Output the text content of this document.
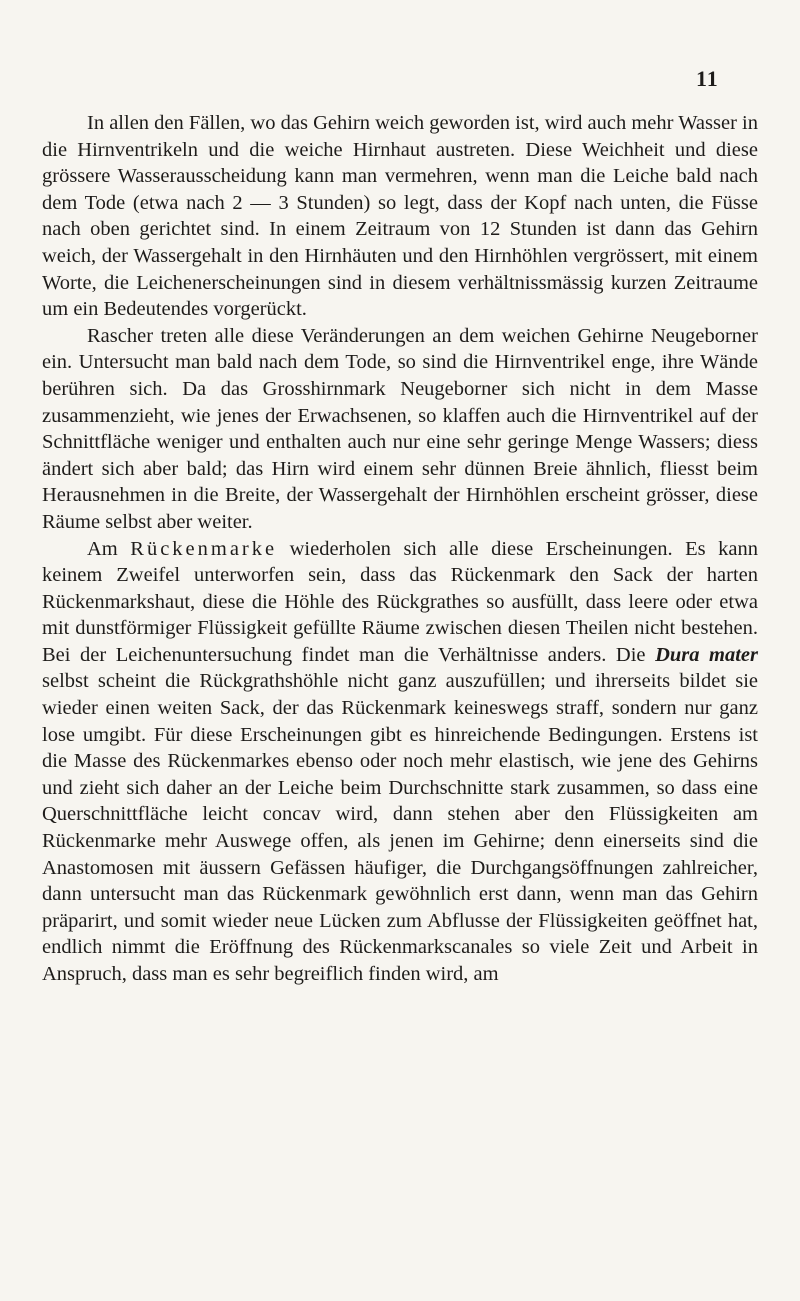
11

In allen den Fällen, wo das Gehirn weich geworden ist, wird auch mehr Wasser in die Hirnventrikeln und die weiche Hirnhaut austreten. Diese Weichheit und diese grössere Wasserausscheidung kann man vermehren, wenn man die Leiche bald nach dem Tode (etwa nach 2 — 3 Stunden) so legt, dass der Kopf nach unten, die Füsse nach oben gerichtet sind. In einem Zeitraum von 12 Stunden ist dann das Gehirn weich, der Wassergehalt in den Hirnhäuten und den Hirnhöhlen vergrössert, mit einem Worte, die Leichenerscheinungen sind in diesem verhältnissmässig kurzen Zeitraume um ein Bedeutendes vorgerückt.

Rascher treten alle diese Veränderungen an dem weichen Gehirne Neugeborner ein. Untersucht man bald nach dem Tode, so sind die Hirnventrikel enge, ihre Wände berühren sich. Da das Grosshirnmark Neugeborner sich nicht in dem Masse zusammenzieht, wie jenes der Erwachsenen, so klaffen auch die Hirnventrikel auf der Schnittfläche weniger und enthalten auch nur eine sehr geringe Menge Wassers; diess ändert sich aber bald; das Hirn wird einem sehr dünnen Breie ähnlich, fliesst beim Herausnehmen in die Breite, der Wassergehalt der Hirnhöhlen erscheint grösser, diese Räume selbst aber weiter.

Am Rückenmarke wiederholen sich alle diese Erscheinungen. Es kann keinem Zweifel unterworfen sein, dass das Rückenmark den Sack der harten Rückenmarkshaut, diese die Höhle des Rückgrathes so ausfüllt, dass leere oder etwa mit dunstförmiger Flüssigkeit gefüllte Räume zwischen diesen Theilen nicht bestehen. Bei der Leichenuntersuchung findet man die Verhältnisse anders. Die Dura mater selbst scheint die Rückgrathshöhle nicht ganz auszufüllen; und ihrerseits bildet sie wieder einen weiten Sack, der das Rückenmark keineswegs straff, sondern nur ganz lose umgibt. Für diese Erscheinungen gibt es hinreichende Bedingungen. Erstens ist die Masse des Rückenmarkes ebenso oder noch mehr elastisch, wie jene des Gehirns und zieht sich daher an der Leiche beim Durchschnitte stark zusammen, so dass eine Querschnittfläche leicht concav wird, dann stehen aber den Flüssigkeiten am Rückenmarke mehr Auswege offen, als jenen im Gehirne; denn einerseits sind die Anastomosen mit äussern Gefässen häufiger, die Durchgangsöffnungen zahlreicher, dann untersucht man das Rückenmark gewöhnlich erst dann, wenn man das Gehirn präparirt, und somit wieder neue Lücken zum Abflusse der Flüssigkeiten geöffnet hat, endlich nimmt die Eröffnung des Rückenmarkscanales so viele Zeit und Arbeit in Anspruch, dass man es sehr begreiflich finden wird, am
